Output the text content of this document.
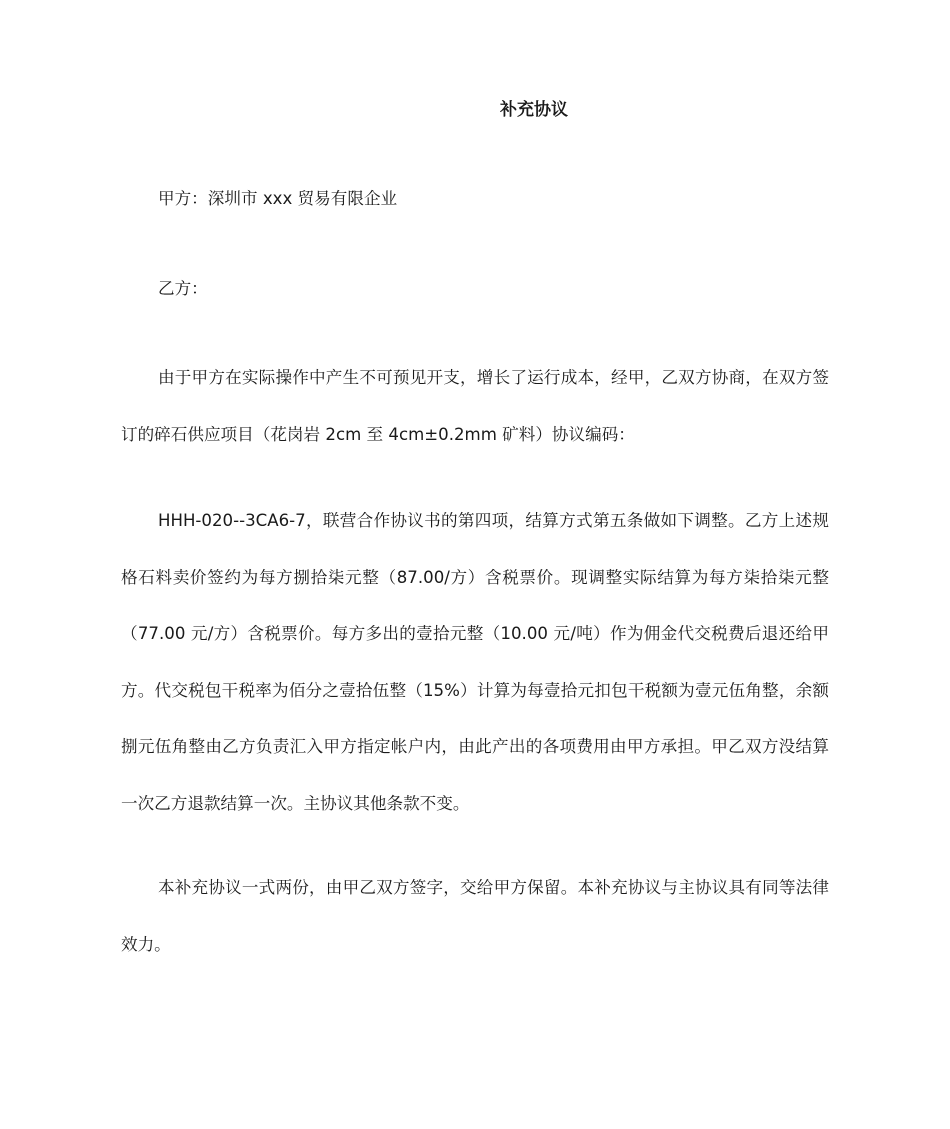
补充协议
甲方：深圳市 xxx 贸易有限企业
乙方：

由于甲方在实际操作中产生不可预见开支，增长了运行成本，经甲，乙双方协商，在双方签订的碎石供应项目（花岗岩 2cm 至 4cm±0.2mm 矿料）协议编码：

HHH-020--3CA6-7，联营合作协议书的第四项，结算方式第五条做如下调整。乙方上述规格石料卖价签约为每方捌拾柒元整（87.00/方）含税票价。现调整实际结算为每方柒拾柒元整（77.00 元/方）含税票价。每方多出的壹拾元整（10.00 元/吨）作为佣金代交税费后退还给甲方。代交税包干税率为佰分之壹拾伍整（15%）计算为每壹拾元扣包干税额为壹元伍角整，余额捌元伍角整由乙方负责汇入甲方指定帐户内，由此产出的各项费用由甲方承担。甲乙双方没结算一次乙方退款结算一次。主协议其他条款不变。

本补充协议一式两份，由甲乙双方签字，交给甲方保留。本补充协议与主协议具有同等法律效力。
